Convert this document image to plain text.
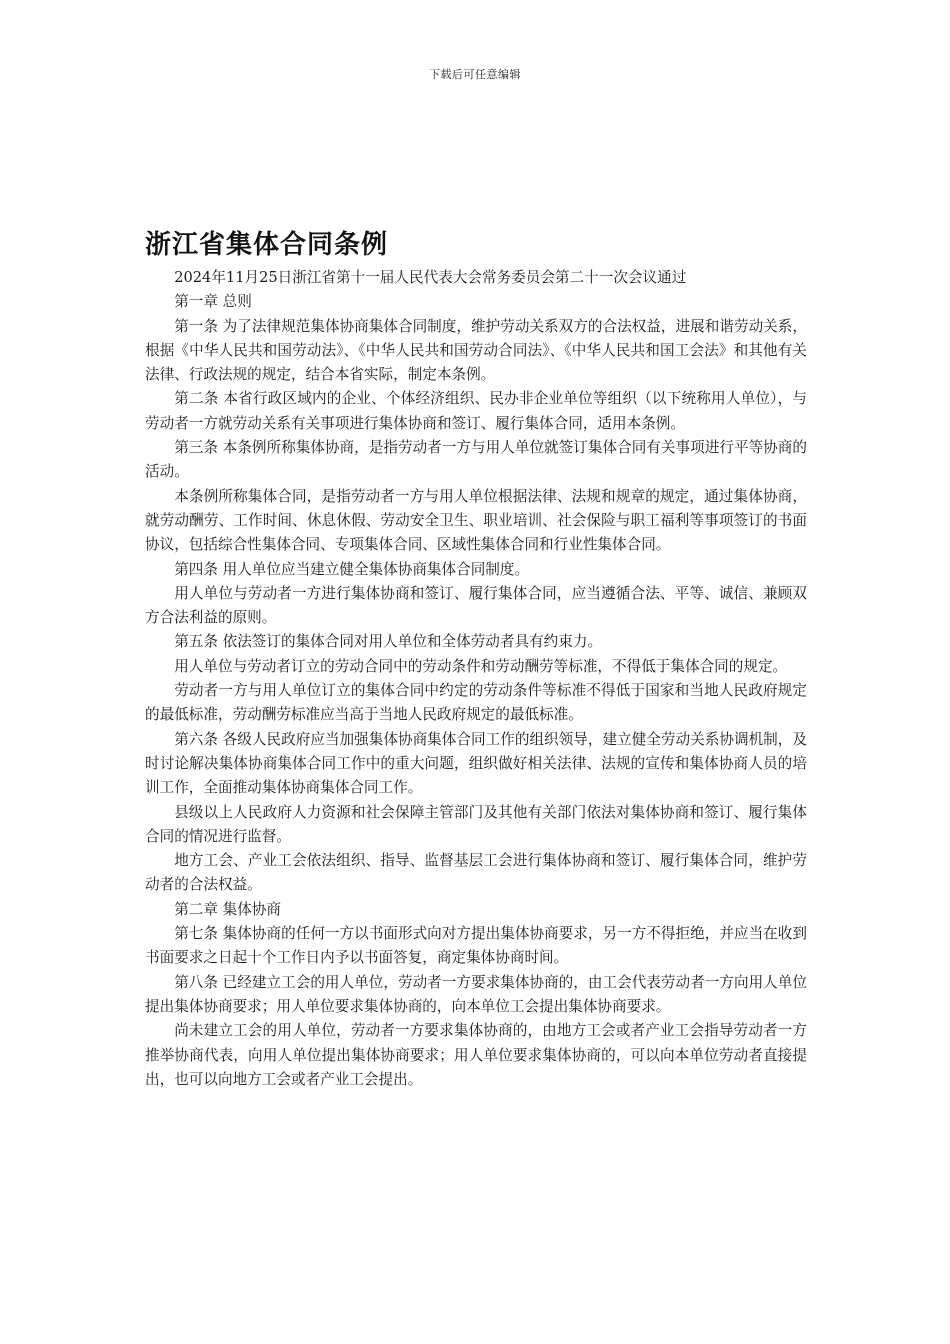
下载后可任意编辑
浙江省集体合同条例

2024年11月25日浙江省第十一届人民代表大会常务委员会第二十一次会议通过

第一章 总则

第一条 为了法律规范集体协商集体合同制度，维护劳动关系双方的合法权益，进展和谐劳动关系，根据《中华人民共和国劳动法》、《中华人民共和国劳动合同法》、《中华人民共和国工会法》和其他有关法律、行政法规的规定，结合本省实际，制定本条例。

第二条 本省行政区域内的企业、个体经济组织、民办非企业单位等组织（以下统称用人单位），与劳动者一方就劳动关系有关事项进行集体协商和签订、履行集体合同，适用本条例。

第三条 本条例所称集体协商，是指劳动者一方与用人单位就签订集体合同有关事项进行平等协商的活动。

本条例所称集体合同，是指劳动者一方与用人单位根据法律、法规和规章的规定，通过集体协商，就劳动酬劳、工作时间、休息休假、劳动安全卫生、职业培训、社会保险与职工福利等事项签订的书面协议，包括综合性集体合同、专项集体合同、区域性集体合同和行业性集体合同。

第四条 用人单位应当建立健全集体协商集体合同制度。

用人单位与劳动者一方进行集体协商和签订、履行集体合同，应当遵循合法、平等、诚信、兼顾双方合法利益的原则。

第五条 依法签订的集体合同对用人单位和全体劳动者具有约束力。

用人单位与劳动者订立的劳动合同中的劳动条件和劳动酬劳等标准，不得低于集体合同的规定。

劳动者一方与用人单位订立的集体合同中约定的劳动条件等标准不得低于国家和当地人民政府规定的最低标准，劳动酬劳标准应当高于当地人民政府规定的最低标准。

第六条 各级人民政府应当加强集体协商集体合同工作的组织领导，建立健全劳动关系协调机制，及时讨论解决集体协商集体合同工作中的重大问题，组织做好相关法律、法规的宣传和集体协商人员的培训工作，全面推动集体协商集体合同工作。

县级以上人民政府人力资源和社会保障主管部门及其他有关部门依法对集体协商和签订、履行集体合同的情况进行监督。

地方工会、产业工会依法组织、指导、监督基层工会进行集体协商和签订、履行集体合同，维护劳动者的合法权益。

第二章 集体协商

第七条 集体协商的任何一方以书面形式向对方提出集体协商要求，另一方不得拒绝，并应当在收到书面要求之日起十个工作日内予以书面答复，商定集体协商时间。

第八条 已经建立工会的用人单位，劳动者一方要求集体协商的，由工会代表劳动者一方向用人单位提出集体协商要求；用人单位要求集体协商的，向本单位工会提出集体协商要求。

尚未建立工会的用人单位，劳动者一方要求集体协商的，由地方工会或者产业工会指导劳动者一方推举协商代表，向用人单位提出集体协商要求；用人单位要求集体协商的，可以向本单位劳动者直接提出，也可以向地方工会或者产业工会提出。
